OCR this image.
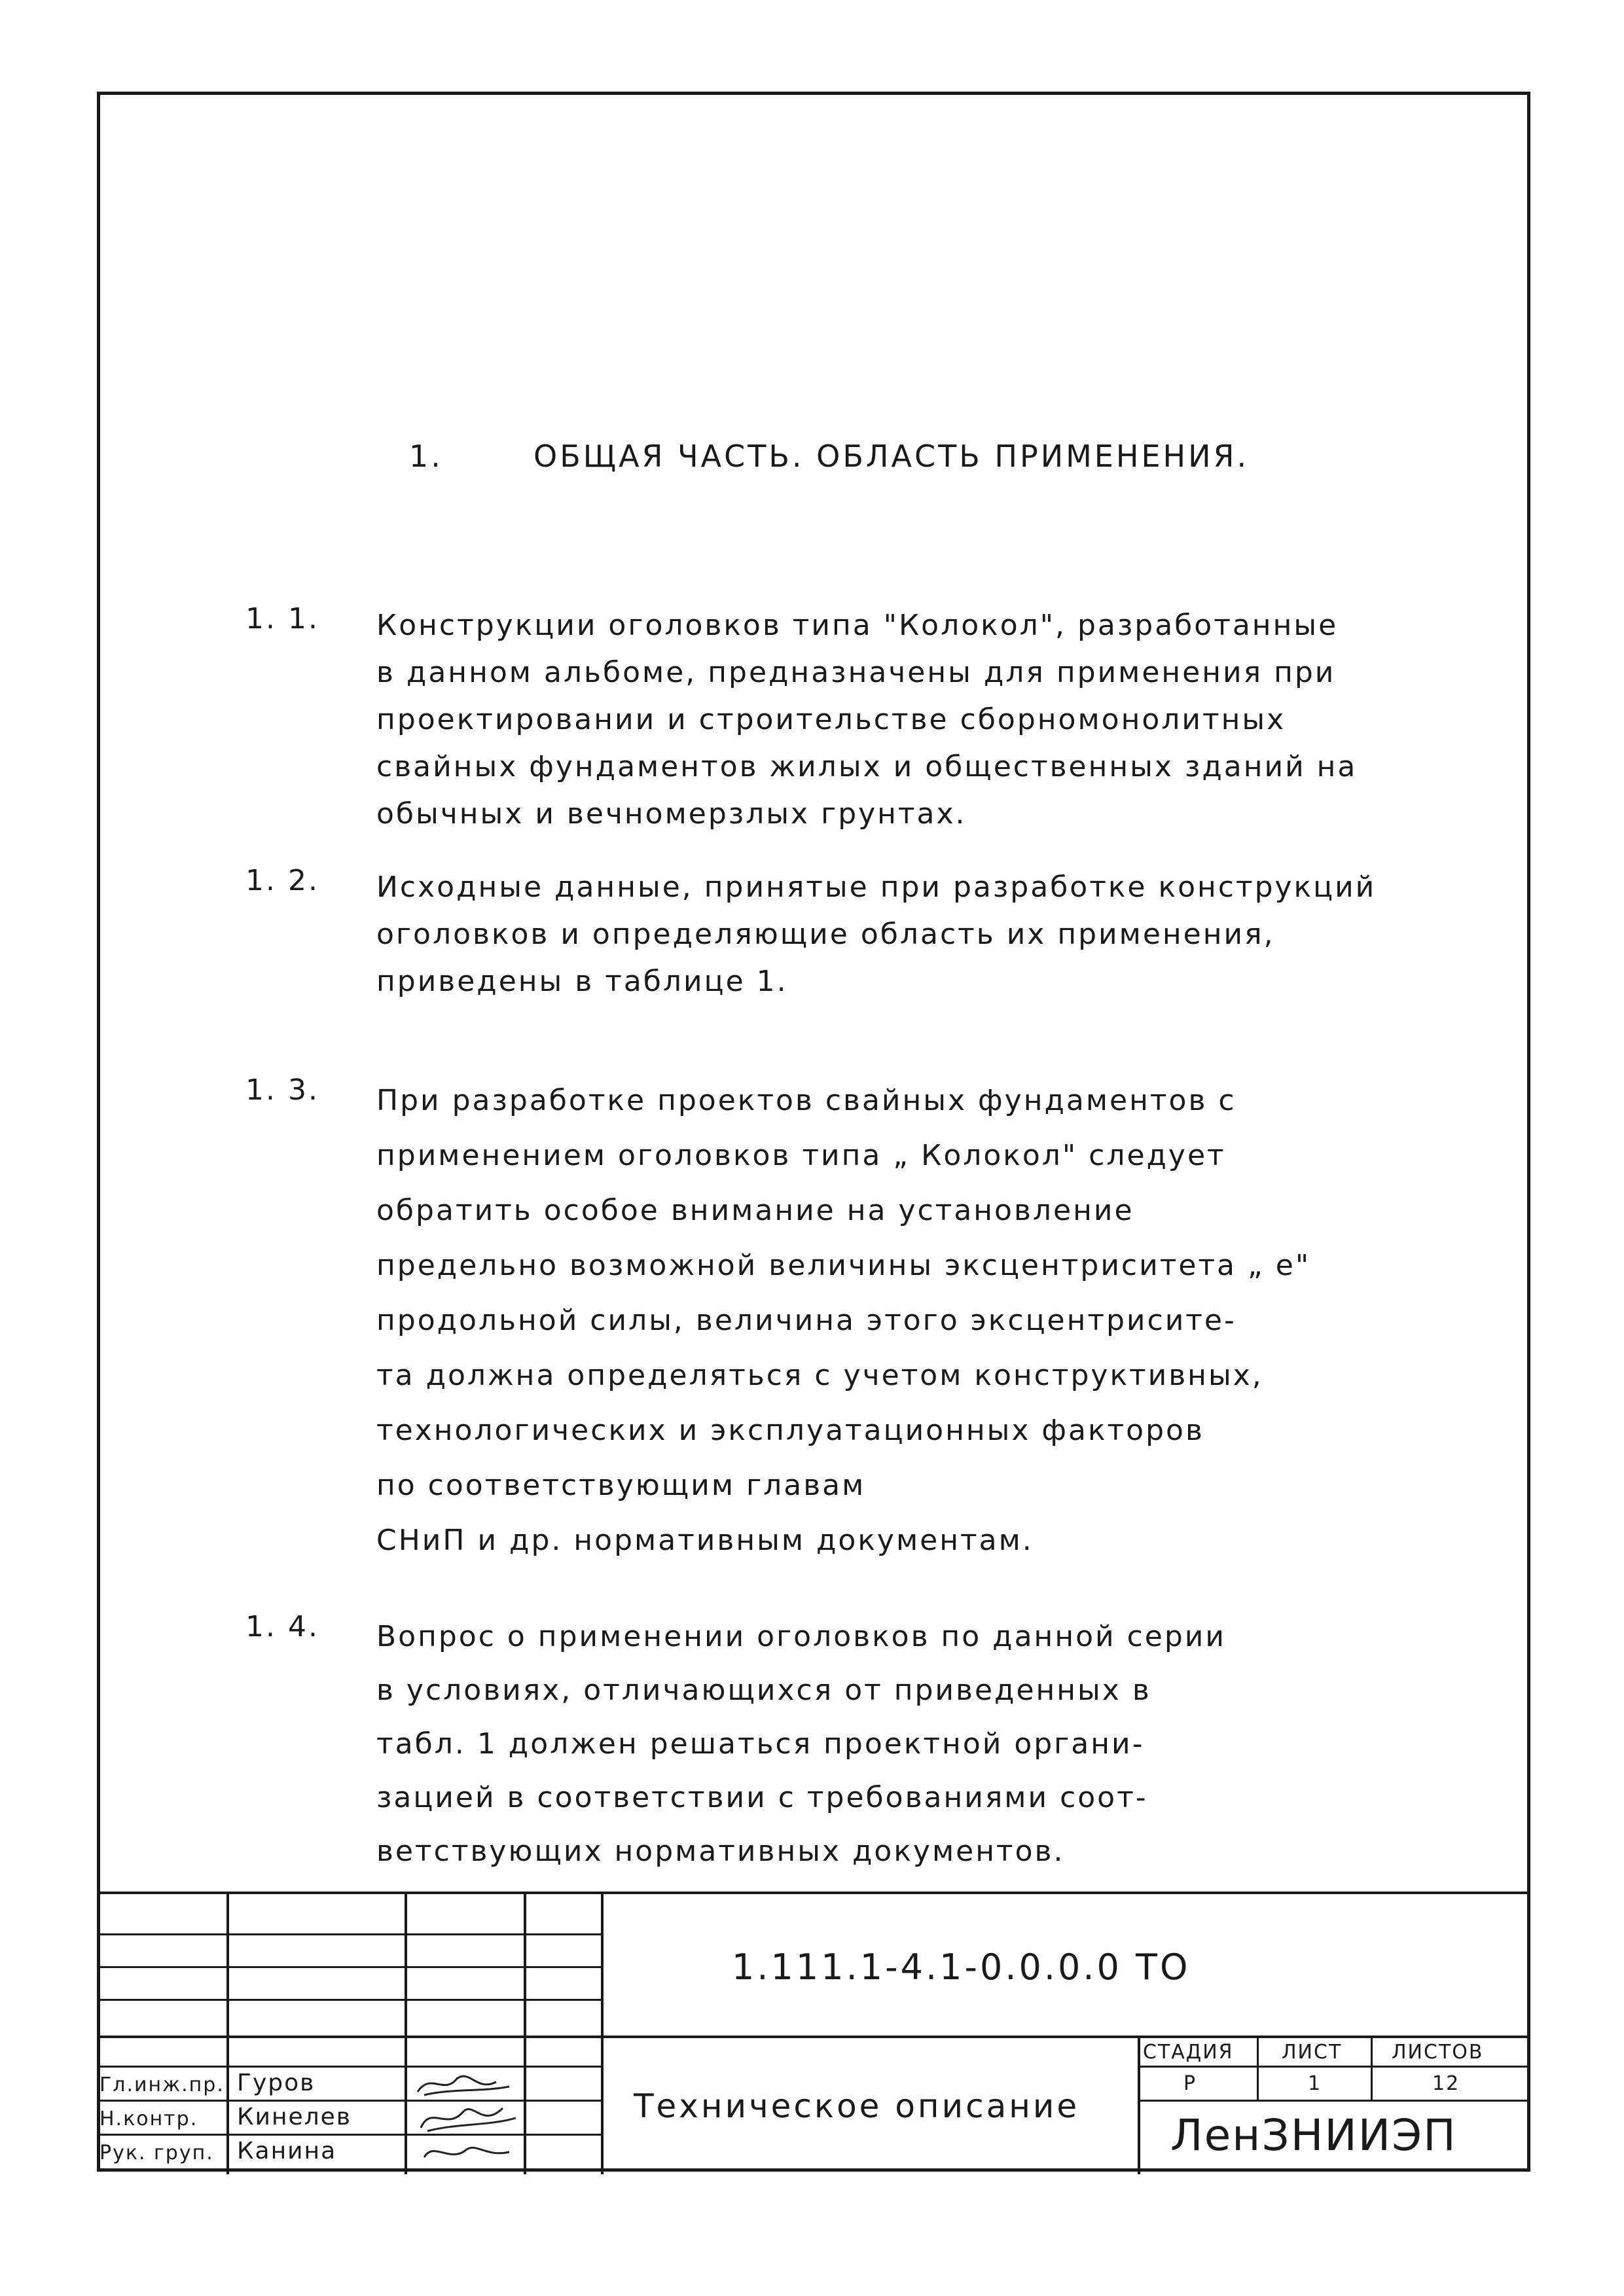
1.	ОБЩАЯ ЧАСТЬ. ОБЛАСТЬ ПРИМЕНЕНИЯ.
1. 1. Конструкции оголовков типа "Колокол", разработанные
в данном альбоме, предназначены для применения при
проектировании и строительстве сборномонолитных
свайных фундаментов жилых и общественных зданий на
обычных и вечномерзлых грунтах.
1. 2. Исходные данные, принятые при разработке конструкций
оголовков и определяющие область их применения,
приведены в таблице 1.
1. 3. При разработке проектов свайных фундаментов с
применением оголовков типа „ Колокол" следует
обратить особое внимание на установление
предельно возможной величины эксцентриситета „ е"
продольной силы, величина этого эксцентрисите-
та должна определяться с учетом конструктивных,
технологических и эксплуатационных факторов
по соответствующим главам
СНиП и др. нормативным документам.
1. 4. Вопрос о применении оголовков по данной серии
в условиях, отличающихся от приведенных в
табл. 1 должен решаться проектной органи-
зацией в соответствии с требованиями соот-
ветствующих нормативных документов.
1.111.1-4.1-0.0.0.0 ТО
Техническое описание
СТАДИЯ ЛИСТ	ЛИСТОВ
Р	1	12
ЛенЗНИИЭП
Гл.инж.пр. Гуров
Н.контр. Кинелев
Рук. груп. Канина
